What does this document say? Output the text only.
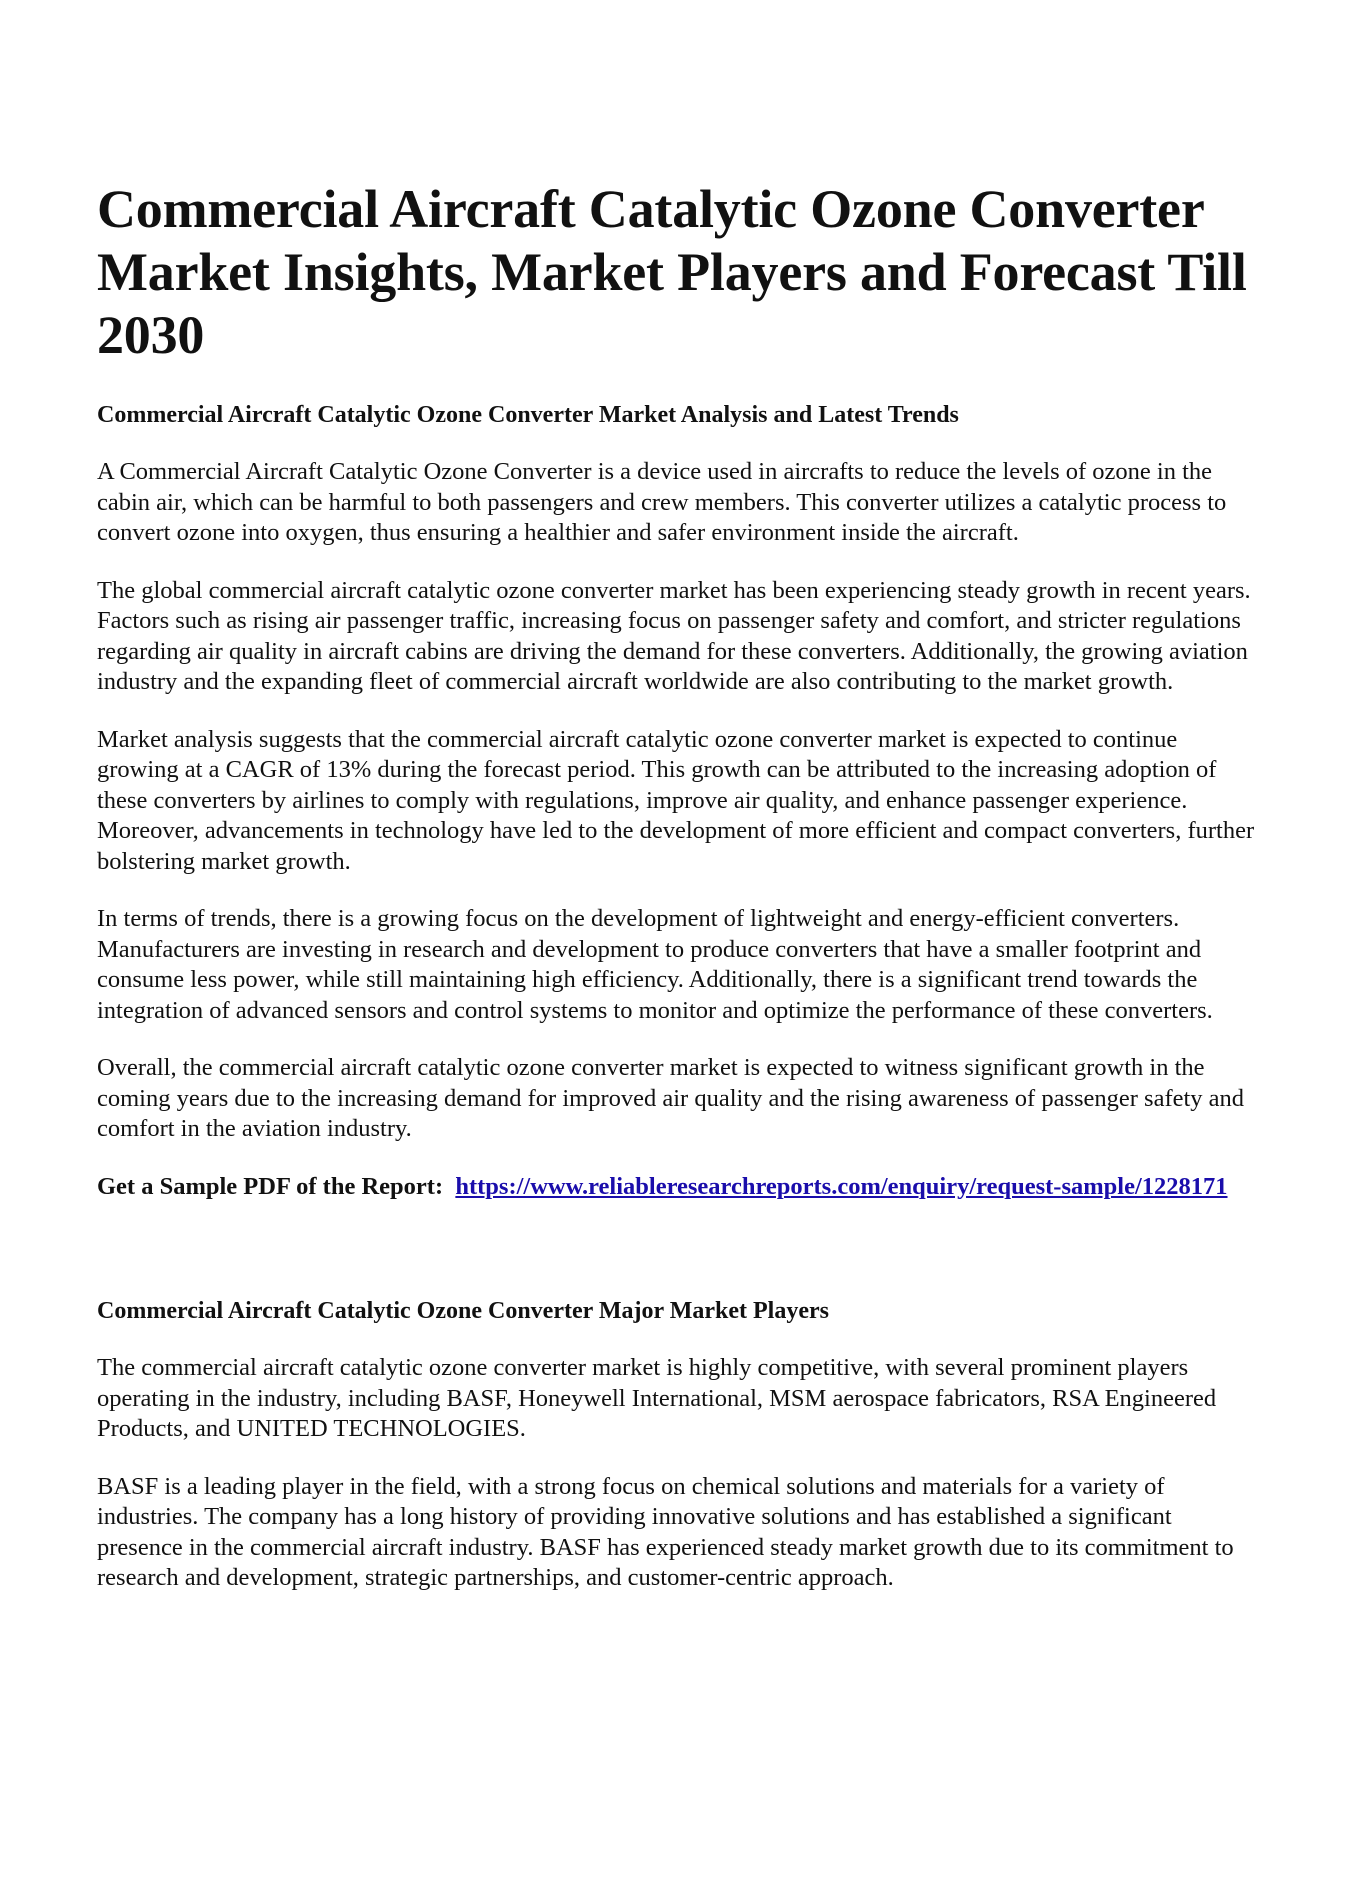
Commercial Aircraft Catalytic Ozone Converter Market Insights, Market Players and Forecast Till 2030
Commercial Aircraft Catalytic Ozone Converter Market Analysis and Latest Trends

A Commercial Aircraft Catalytic Ozone Converter is a device used in aircrafts to reduce the levels of ozone in the cabin air, which can be harmful to both passengers and crew members. This converter utilizes a catalytic process to convert ozone into oxygen, thus ensuring a healthier and safer environment inside the aircraft.

The global commercial aircraft catalytic ozone converter market has been experiencing steady growth in recent years. Factors such as rising air passenger traffic, increasing focus on passenger safety and comfort, and stricter regulations regarding air quality in aircraft cabins are driving the demand for these converters. Additionally, the growing aviation industry and the expanding fleet of commercial aircraft worldwide are also contributing to the market growth.

Market analysis suggests that the commercial aircraft catalytic ozone converter market is expected to continue growing at a CAGR of 13% during the forecast period. This growth can be attributed to the increasing adoption of these converters by airlines to comply with regulations, improve air quality, and enhance passenger experience. Moreover, advancements in technology have led to the development of more efficient and compact converters, further bolstering market growth.

In terms of trends, there is a growing focus on the development of lightweight and energy-efficient converters. Manufacturers are investing in research and development to produce converters that have a smaller footprint and consume less power, while still maintaining high efficiency. Additionally, there is a significant trend towards the integration of advanced sensors and control systems to monitor and optimize the performance of these converters.

Overall, the commercial aircraft catalytic ozone converter market is expected to witness significant growth in the coming years due to the increasing demand for improved air quality and the rising awareness of passenger safety and comfort in the aviation industry.

Get a Sample PDF of the Report: https://www.reliableresearchreports.com/enquiry/request-sample/1228171
Commercial Aircraft Catalytic Ozone Converter Major Market Players

The commercial aircraft catalytic ozone converter market is highly competitive, with several prominent players operating in the industry, including BASF, Honeywell International, MSM aerospace fabricators, RSA Engineered Products, and UNITED TECHNOLOGIES.

BASF is a leading player in the field, with a strong focus on chemical solutions and materials for a variety of industries. The company has a long history of providing innovative solutions and has established a significant presence in the commercial aircraft industry. BASF has experienced steady market growth due to its commitment to research and development, strategic partnerships, and customer-centric approach.
